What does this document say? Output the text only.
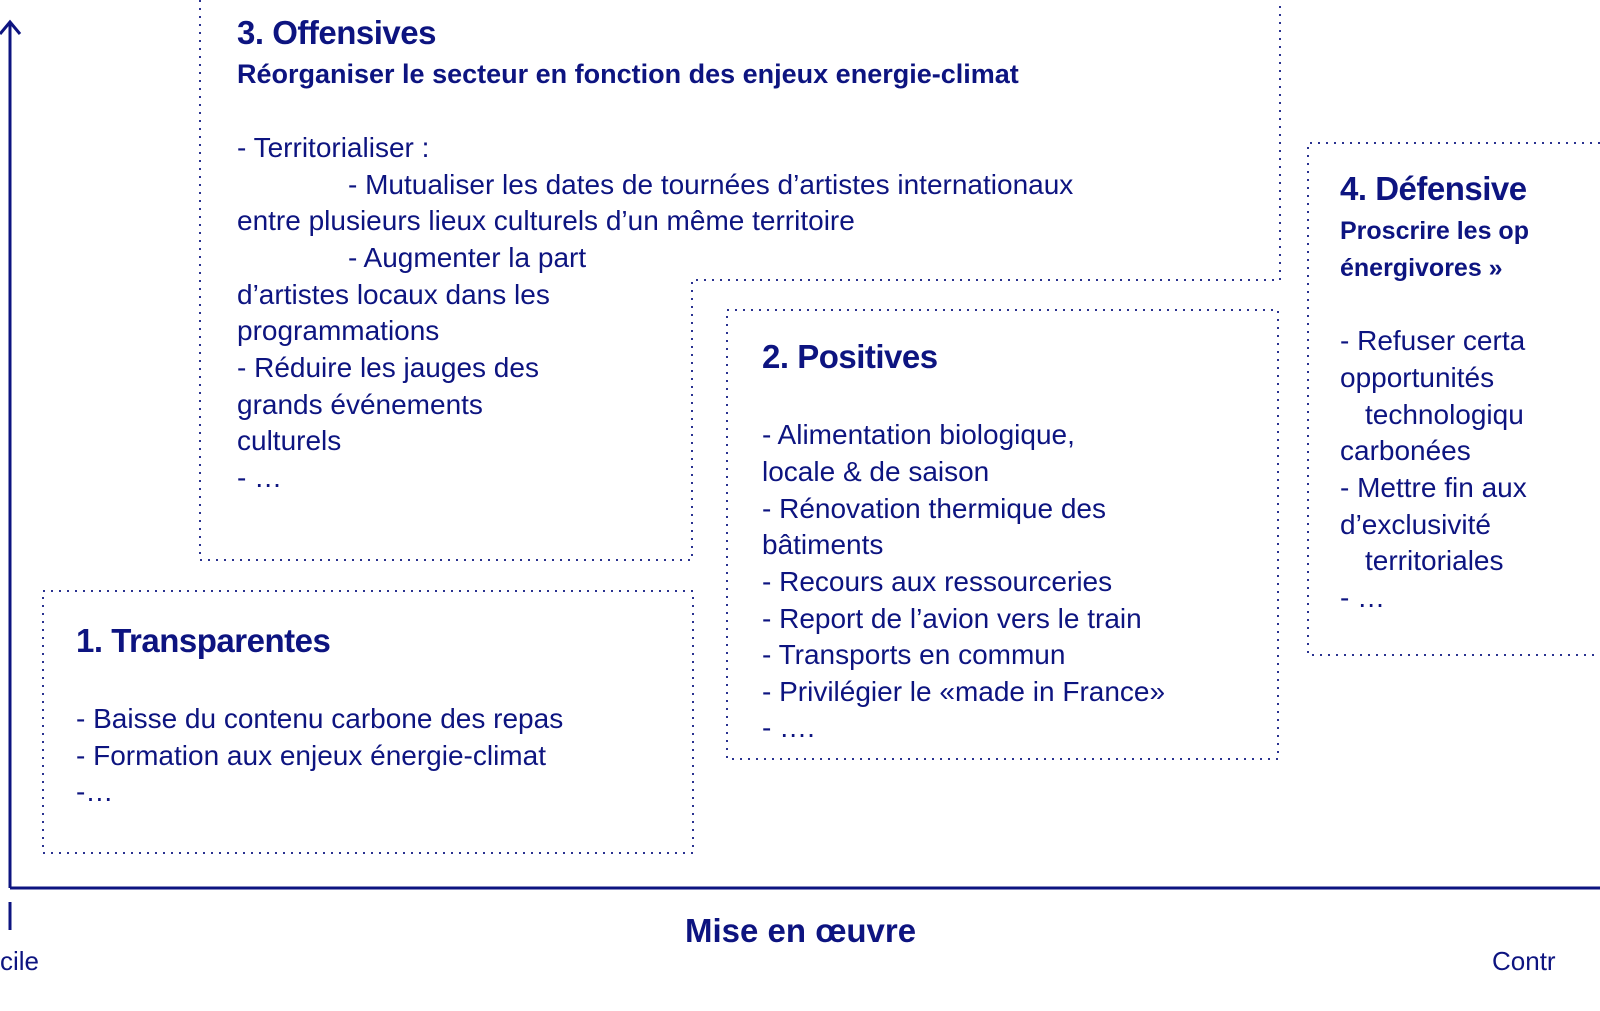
3. Offensives
Réorganiser le secteur en fonction des enjeux energie-climat
- Territorialiser :
- Mutualiser les dates de tournées d’artistes internationaux
entre plusieurs lieux culturels d’un même territoire
- Augmenter la part
d’artistes locaux dans les
programmations
- Réduire les jauges des
grands événements
culturels
- …
2. Positives
- Alimentation biologique,
locale & de saison
- Rénovation thermique des
bâtiments
- Recours aux ressourceries
- Report de l’avion vers le train
- Transports en commun
- Privilégier le «made in France»
- ….
1. Transparentes
- Baisse du contenu carbone des repas
- Formation aux enjeux énergie-climat
-…
4. Défensive
Proscrire les op
énergivores »
- Refuser certa
opportunités
technologiqu
carbonées
- Mettre fin aux
d’exclusivité
territoriales
- …
Mise en œuvre
cile	Contr
